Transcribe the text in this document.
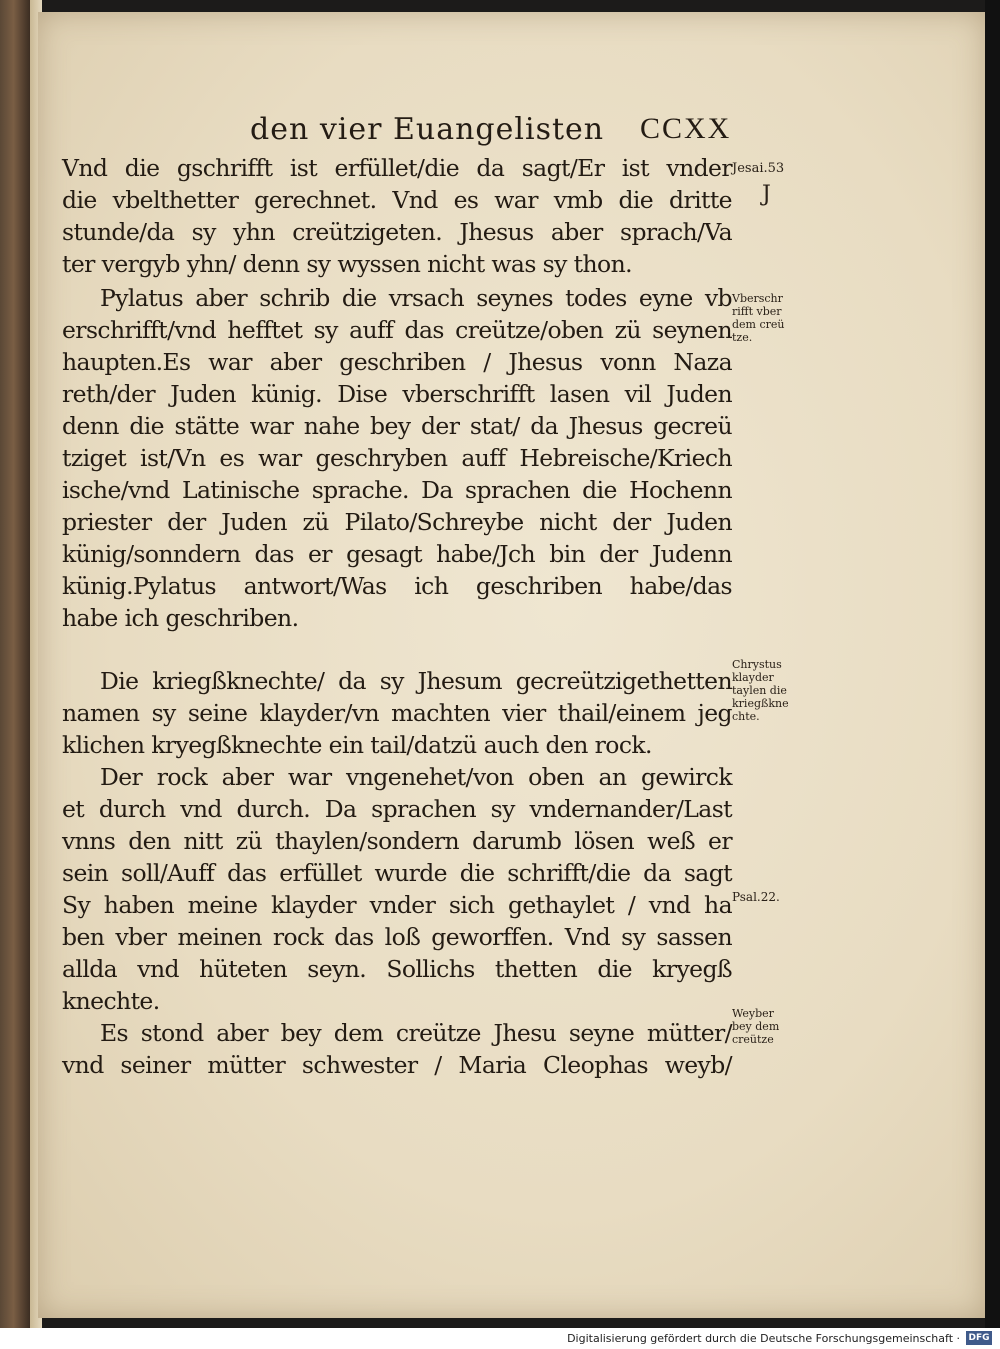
den vier Euangelisten CCXX
Vnd die gschrifft ist erfüllet/die da sagt/Er ist vnder
die vbelthetter gerechnet. Vnd es war vmb die dritte
stunde/da sy yhn creützigeten. Jhesus aber sprach/Va
ter vergyb yhn/ denn sy wyssen nicht was sy thon.
Pylatus aber schrib die vrsach seynes todes eyne vb
erschrifft/vnd hefftet sy auff das creütze/oben zü seynen
haupten.Es war aber geschriben / Jhesus vonn Naza
reth/der Juden künig. Dise vberschrifft lasen vil Juden
denn die stätte war nahe bey der stat/ da Jhesus gecreü
tziget ist/Vn es war geschryben auff Hebreische/Kriech
ische/vnd Latinische sprache. Da sprachen die Hochenn
priester der Juden zü Pilato/Schreybe nicht der Juden
künig/sonndern das er gesagt habe/Jch bin der Judenn
künig.Pylatus antwort/Was ich geschriben habe/das
habe ich geschriben.
Die kriegßknechte/ da sy Jhesum gecreützigethetten
namen sy seine klayder/vn machten vier thail/einem jeg
klichen kryegßknechte ein tail/datzü auch den rock.
Der rock aber war vngenehet/von oben an gewirck
et durch vnd durch. Da sprachen sy vndernander/Last
vnns den nitt zü thaylen/sondern darumb lösen weß er
sein soll/Auff das erfüllet wurde die schrifft/die da sagt
Sy haben meine klayder vnder sich gethaylet / vnd ha
ben vber meinen rock das loß geworffen. Vnd sy sassen
allda vnd hüteten seyn. Sollichs thetten die kryegß
knechte.
Es stond aber bey dem creütze Jhesu seyne mütter/
vnd seiner mütter schwester / Maria Cleophas weyb/
Jesai.53
J
Vberschr
rifft vber
dem creü
tze.
Chrystus
klayder
taylen die
kriegßkne
chte.
Psal.22.
Weyber
bey dem
creütze
Digitalisierung gefördert durch die Deutsche Forschungsgemeinschaft · DFG
